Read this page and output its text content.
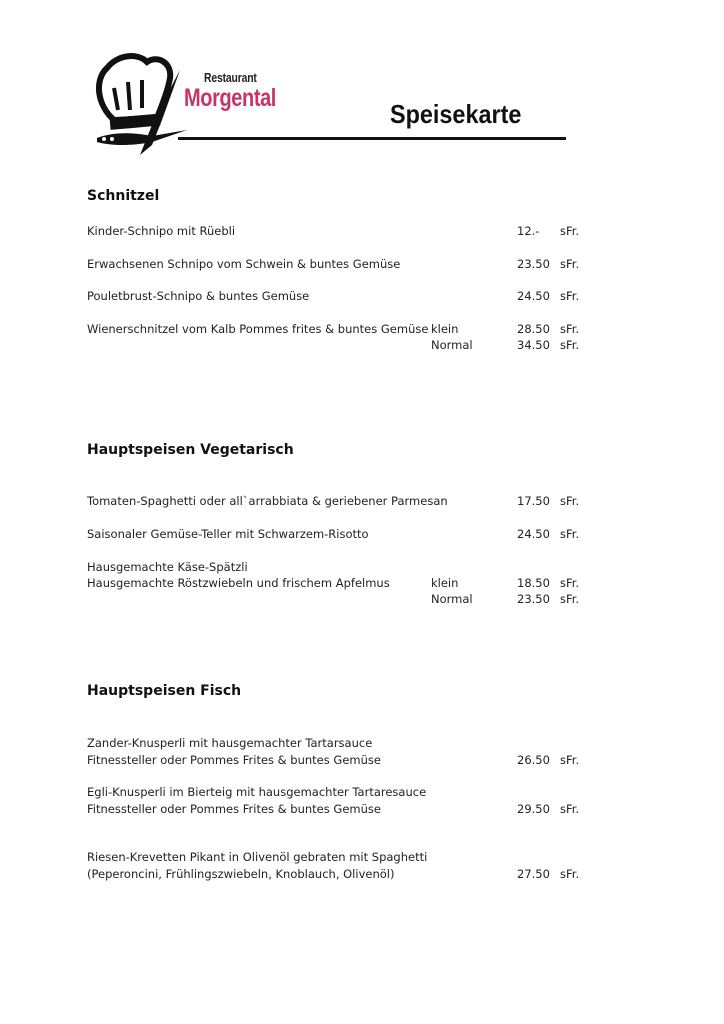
Restaurant
Morgental
Speisekarte
Schnitzel
Kinder-Schnipo mit Rüebli	12.- sFr.
Erwachsenen Schnipo vom Schwein & buntes Gemüse	23.50 sFr.
Pouletbrust-Schnipo & buntes Gemüse	24.50 sFr.
Wienerschnitzel vom Kalb Pommes frites & buntes Gemüse klein	28.50 sFr.
Normal	34.50 sFr.
Hauptspeisen Vegetarisch
Tomaten-Spaghetti oder all`arrabbiata & geriebener Parmesan	17.50 sFr.
Saisonaler Gemüse-Teller mit Schwarzem-Risotto	24.50 sFr.
Hausgemachte Käse-Spätzli
Hausgemachte Röstzwiebeln und frischem Apfelmus	klein	18.50 sFr.
Normal	23.50 sFr.
Hauptspeisen Fisch
Zander-Knusperli mit hausgemachter Tartarsauce
Fitnessteller oder Pommes Frites & buntes Gemüse	26.50 sFr.
Egli-Knusperli im Bierteig mit hausgemachter Tartaresauce
Fitnessteller oder Pommes Frites & buntes Gemüse	29.50 sFr.
Riesen-Krevetten Pikant in Olivenöl gebraten mit Spaghetti
(Peperoncini, Frühlingszwiebeln, Knoblauch, Olivenöl)	27.50 sFr.
